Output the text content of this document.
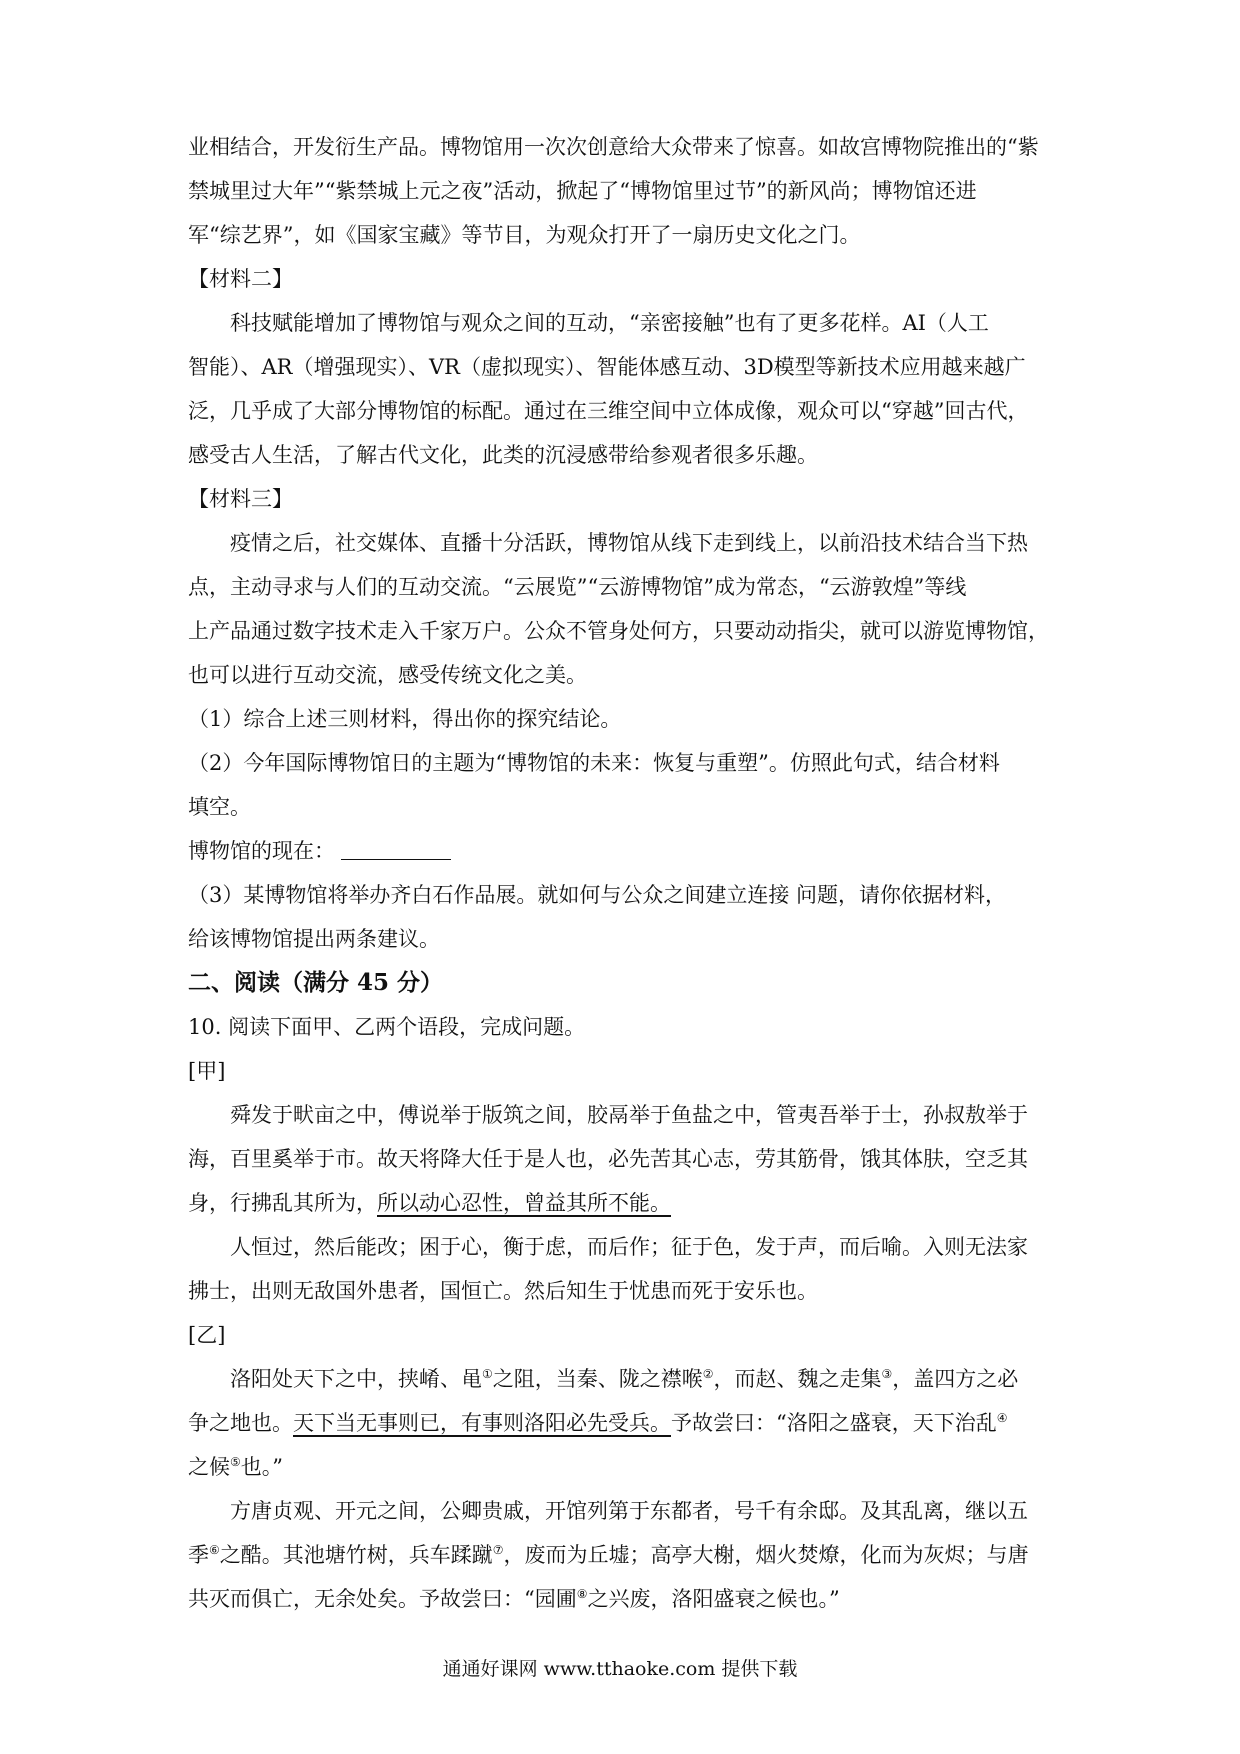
业相结合，开发衍生产品。博物馆用一次次创意给大众带来了惊喜。如故宫博物院推出的“紫
禁城里过大年”“紫禁城上元之夜”活动，掀起了“博物馆里过节”的新风尚；博物馆还进
军“综艺界”，如《国家宝藏》等节目，为观众打开了一扇历史文化之门。
【材料二】
科技赋能增加了博物馆与观众之间的互动，“亲密接触”也有了更多花样。AI（人工
智能）、AR（增强现实）、VR（虚拟现实）、智能体感互动、3D模型等新技术应用越来越广
泛，几乎成了大部分博物馆的标配。通过在三维空间中立体成像，观众可以“穿越”回古代，
感受古人生活，了解古代文化，此类的沉浸感带给参观者很多乐趣。
【材料三】
疫情之后，社交媒体、直播十分活跃，博物馆从线下走到线上，以前沿技术结合当下热
点，主动寻求与人们的互动交流。“云展览”“云游博物馆”成为常态，“云游敦煌”等线
上产品通过数字技术走入千家万户。公众不管身处何方，只要动动指尖，就可以游览博物馆，
也可以进行互动交流，感受传统文化之美。
（1）综合上述三则材料，得出你的探究结论。
（2）今年国际博物馆日的主题为“博物馆的未来：恢复与重塑”。仿照此句式，结合材料
填空。
博物馆的现在：
（3）某博物馆将举办齐白石作品展。就如何与公众之间建立连接 问题，请你依据材料，
给该博物馆提出两条建议。
二、阅读（满分 45 分）
10. 阅读下面甲、乙两个语段，完成问题。
[甲]
舜发于畎亩之中，傅说举于版筑之间，胶鬲举于鱼盐之中，管夷吾举于士，孙叔敖举于
海，百里奚举于市。故天将降大任于是人也，必先苦其心志，劳其筋骨，饿其体肤，空乏其
身，行拂乱其所为，所以动心忍性，曾益其所不能。
人恒过，然后能改；困于心，衡于虑，而后作；征于色，发于声，而后喻。入则无法家
拂士，出则无敌国外患者，国恒亡。然后知生于忧患而死于安乐也。
[乙]
洛阳处天下之中，挟崤、黾①之阻，当秦、陇之襟喉②，而赵、魏之走集③，盖四方之必
争之地也。天下当无事则已，有事则洛阳必先受兵。予故尝曰：“洛阳之盛衰，天下治乱④
之候⑤也。”
方唐贞观、开元之间，公卿贵戚，开馆列第于东都者，号千有余邸。及其乱离，继以五
季⑥之酷。其池塘竹树，兵车蹂蹴⑦，废而为丘墟；高亭大榭，烟火焚燎，化而为灰烬；与唐
共灭而俱亡，无余处矣。予故尝曰：“园圃⑧之兴废，洛阳盛衰之候也。”
通通好课网 www.tthaoke.com 提供下载
